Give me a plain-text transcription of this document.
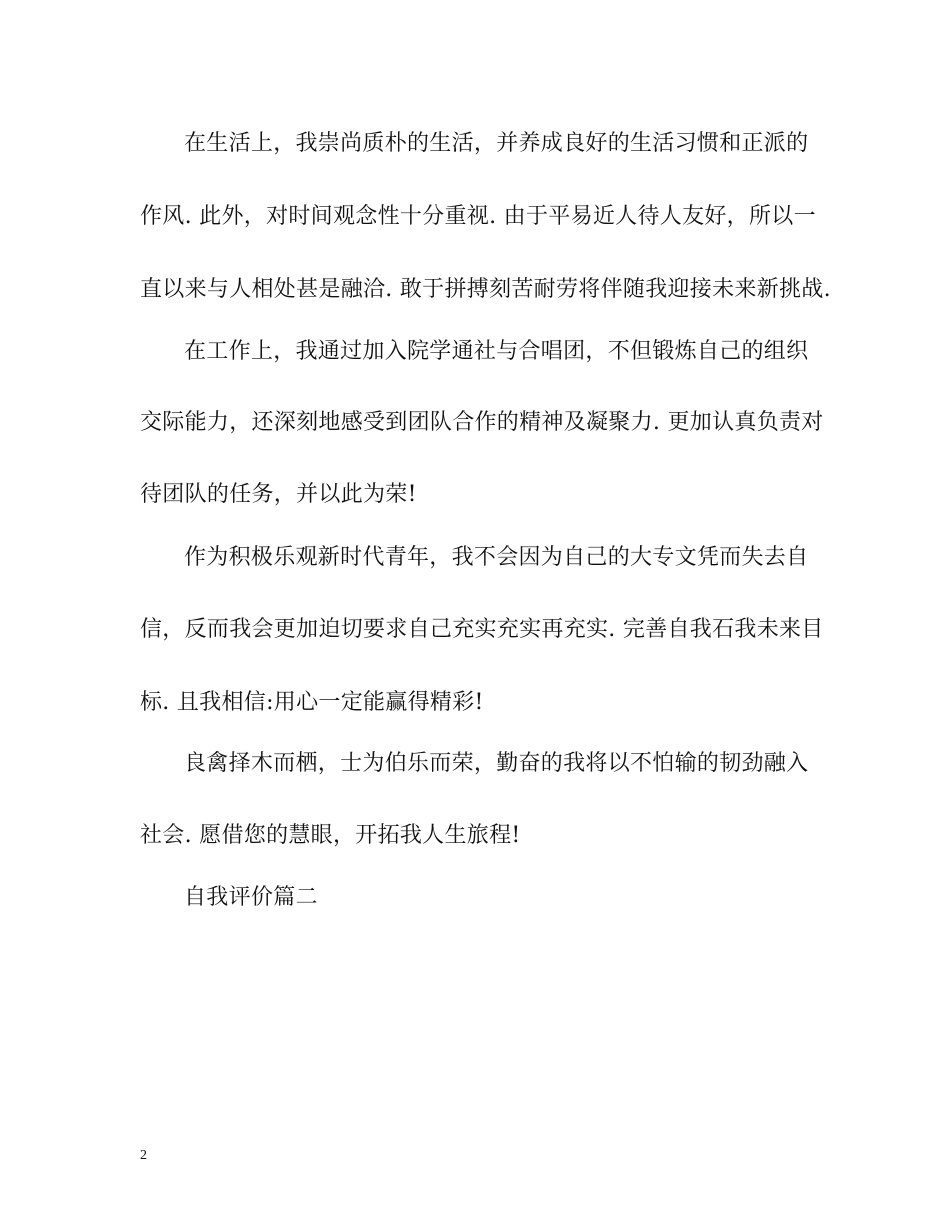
在生活上，我崇尚质朴的生活，并养成良好的生活习惯和正派的
作风. 此外，对时间观念性十分重视. 由于平易近人待人友好，所以一
直以来与人相处甚是融洽. 敢于拼搏刻苦耐劳将伴随我迎接未来新挑战.
在工作上，我通过加入院学通社与合唱团，不但锻炼自己的组织
交际能力，还深刻地感受到团队合作的精神及凝聚力. 更加认真负责对
待团队的任务，并以此为荣!
作为积极乐观新时代青年，我不会因为自己的大专文凭而失去自
信，反而我会更加迫切要求自己充实充实再充实. 完善自我石我未来目
标. 且我相信:用心一定能赢得精彩!
良禽择木而栖，士为伯乐而荣，勤奋的我将以不怕输的韧劲融入
社会. 愿借您的慧眼，开拓我人生旅程!
自我评价篇二
2
